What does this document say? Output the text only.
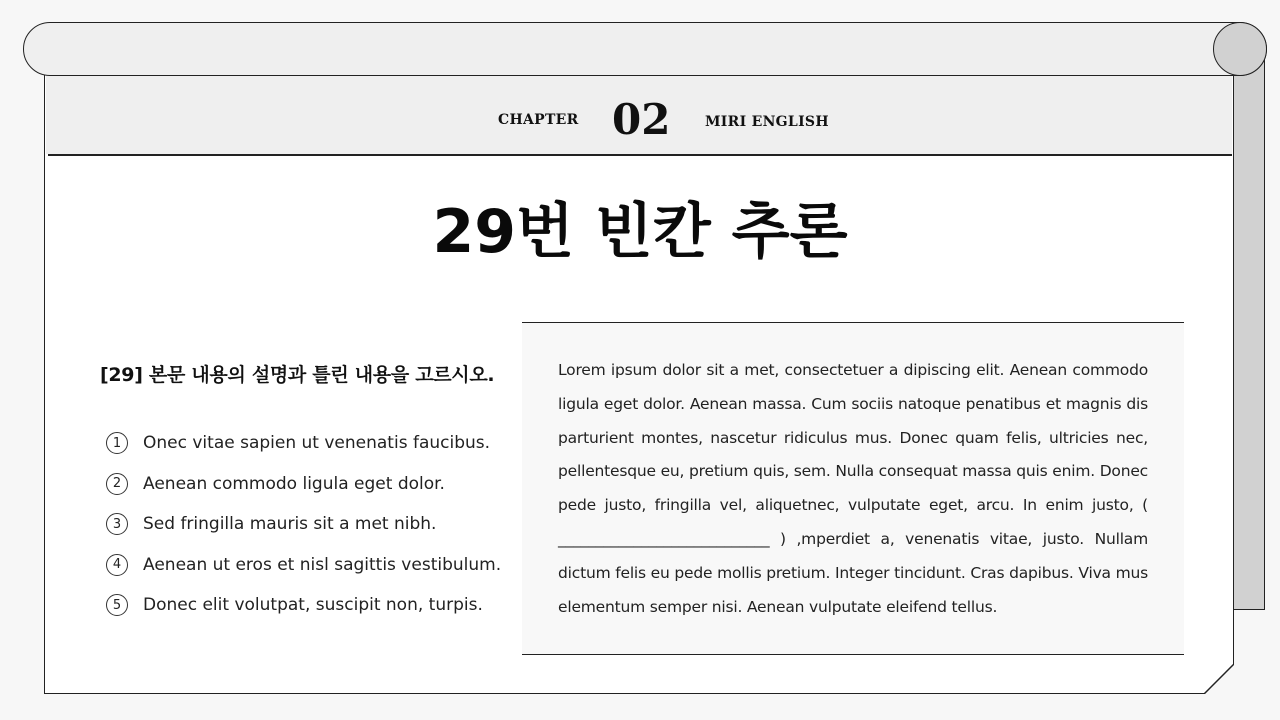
CHAPTER 02 MIRI ENGLISH
29번 빈칸 추론
[29] 본문 내용의 설명과 틀린 내용을 고르시오.
1	Onec vitae sapien ut venenatis faucibus.
2	Aenean commodo ligula eget dolor.
3	Sed fringilla mauris sit a met nibh.
4	Aenean ut eros et nisl sagittis vestibulum.
5	Donec elit volutpat, suscipit non, turpis.

Lorem ipsum dolor sit a met, consectetuer a dipiscing elit. Aenean commodo ligula eget dolor. Aenean massa. Cum sociis natoque penatibus et magnis dis parturient montes, nascetur ridiculus mus. Donec quam felis, ultricies nec, pellentesque eu, pretium quis, sem. Nulla consequat massa quis enim. Donec pede justo, fringilla vel, aliquetnec, vulputate eget, arcu. In enim justo, ( ____________________________ ) ,mperdiet a, venenatis vitae, justo. Nullam dictum felis eu pede mollis pretium. Integer tincidunt. Cras dapibus. Viva mus elementum semper nisi. Aenean vulputate eleifend tellus.
